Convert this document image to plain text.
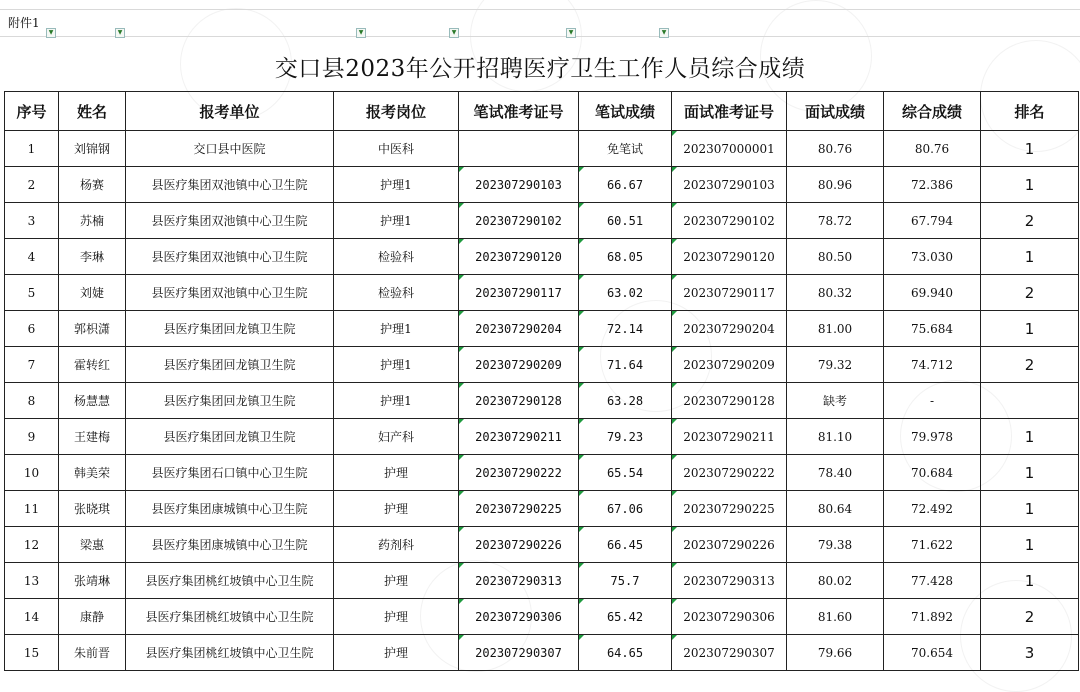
附件1
▼	▼	▼	▼	▼	▼
交口县2023年公开招聘医疗卫生工作人员综合成绩
序号	姓名	报考单位	报考岗位	笔试准考证号	笔试成绩	面试准考证号	面试成绩	综合成绩	排名
1	刘锦钢	交口县中医院	中医科		免笔试	202307000001	80.76	80.76	1
2	杨赛	县医疗集团双池镇中心卫生院	护理1	202307290103	66.67	202307290103	80.96	72.386	1
3	苏楠	县医疗集团双池镇中心卫生院	护理1	202307290102	60.51	202307290102	78.72	67.794	2
4	李琳	县医疗集团双池镇中心卫生院	检验科	202307290120	68.05	202307290120	80.50	73.030	1
5	刘婕	县医疗集团双池镇中心卫生院	检验科	202307290117	63.02	202307290117	80.32	69.940	2
6	郭枳潇	县医疗集团回龙镇卫生院	护理1	202307290204	72.14	202307290204	81.00	75.684	1
7	霍转红	县医疗集团回龙镇卫生院	护理1	202307290209	71.64	202307290209	79.32	74.712	2
8	杨慧慧	县医疗集团回龙镇卫生院	护理1	202307290128	63.28	202307290128	缺考	-	
9	王建梅	县医疗集团回龙镇卫生院	妇产科	202307290211	79.23	202307290211	81.10	79.978	1
10	韩美荣	县医疗集团石口镇中心卫生院	护理	202307290222	65.54	202307290222	78.40	70.684	1
11	张晓琪	县医疗集团康城镇中心卫生院	护理	202307290225	67.06	202307290225	80.64	72.492	1
12	梁惠	县医疗集团康城镇中心卫生院	药剂科	202307290226	66.45	202307290226	79.38	71.622	1
13	张靖琳	县医疗集团桃红坡镇中心卫生院	护理	202307290313	75.7	202307290313	80.02	77.428	1
14	康静	县医疗集团桃红坡镇中心卫生院	护理	202307290306	65.42	202307290306	81.60	71.892	2
15	朱前晋	县医疗集团桃红坡镇中心卫生院	护理	202307290307	64.65	202307290307	79.66	70.654	3
